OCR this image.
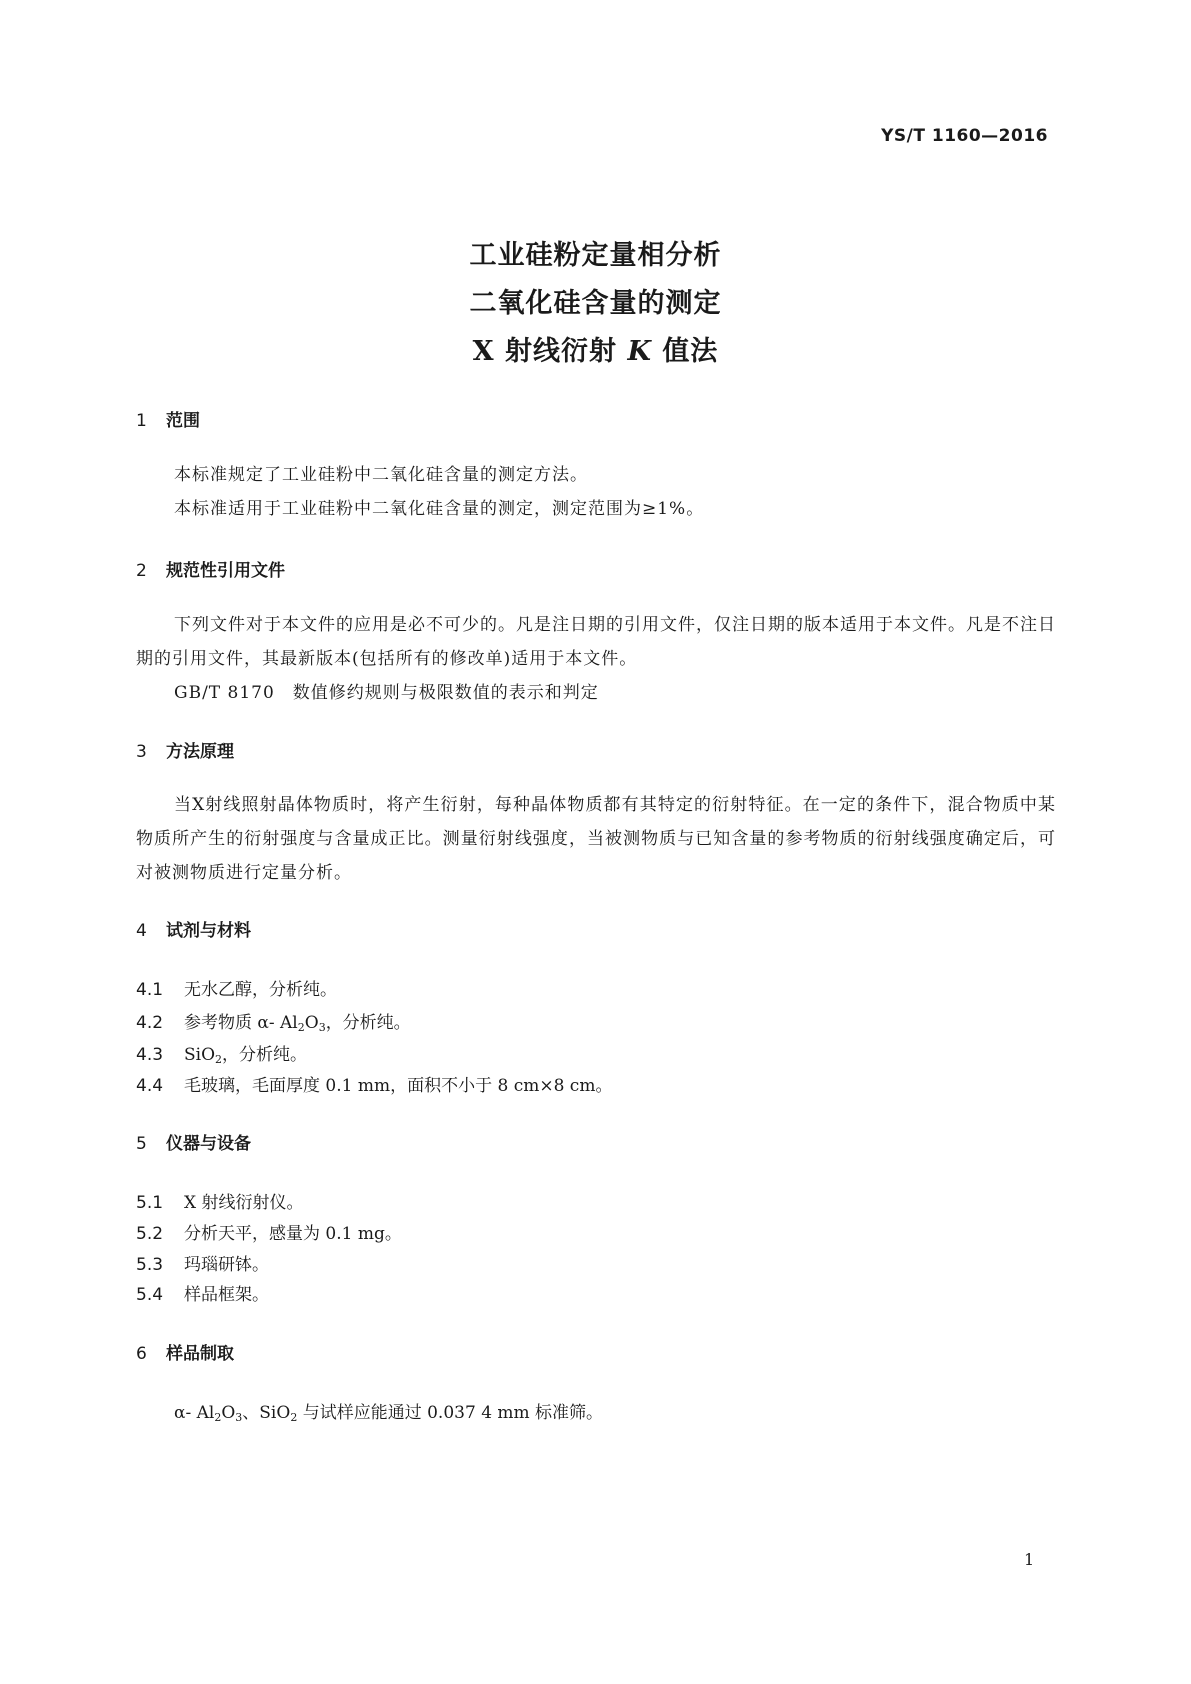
YS/T 1160—2016
工业硅粉定量相分析
二氧化硅含量的测定
X 射线衍射 K 值法
1 范围

本标准规定了工业硅粉中二氧化硅含量的测定方法。

本标准适用于工业硅粉中二氧化硅含量的测定，测定范围为≥1%。

2 规范性引用文件

下列文件对于本文件的应用是必不可少的。凡是注日期的引用文件，仅注日期的版本适用于本文件。凡是不注日期的引用文件，其最新版本(包括所有的修改单)适用于本文件。

GB/T 8170　数值修约规则与极限数值的表示和判定

3 方法原理

当X射线照射晶体物质时，将产生衍射，每种晶体物质都有其特定的衍射特征。在一定的条件下，混合物质中某物质所产生的衍射强度与含量成正比。测量衍射线强度，当被测物质与已知含量的参考物质的衍射线强度确定后，可对被测物质进行定量分析。

4 试剂与材料
4.1 无水乙醇，分析纯。
4.2 参考物质 α- $Al_2O_3$，分析纯。
4.3 SiO$_2$，分析纯。
4.4 毛玻璃，毛面厚度 0.1 mm，面积不小于 8 cm×8 cm。
5 仪器与设备
5.1 X 射线衍射仪。
5.2 分析天平，感量为 0.1 mg。
5.3 玛瑙研钵。
5.4 样品框架。
6 样品制取
α- $Al_2O_3$、SiO$_2$ 与试样应能通过 0.037 4 mm 标准筛。
1
